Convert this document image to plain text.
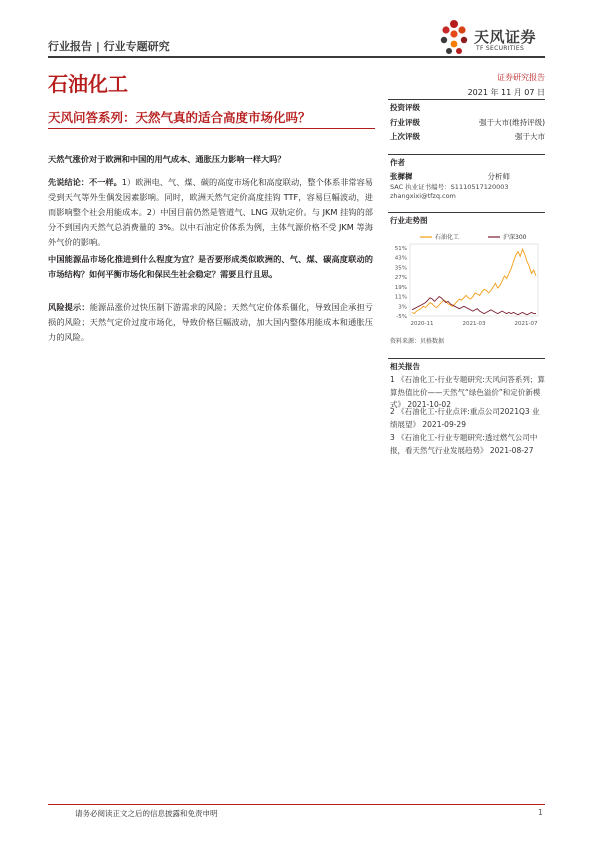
行业报告 | 行业专题研究
天风证券
TF SECURITIES
石油化工	证券研究报告
2021 年 11 月 07 日
天风问答系列：天然气真的适合高度市场化吗？
天然气涨价对于欧洲和中国的用气成本、通胀压力影响一样大吗？
先说结论：不一样。1）欧洲电、气、煤、碳的高度市场化和高度联动，整个体系非常容易受到天气等外生偶发因素影响。同时，欧洲天然气定价高度挂钩 TTF，容易巨幅波动，进而影响整个社会用能成本。2）中国目前仍然是管道气、LNG 双轨定价。与 JKM 挂钩的部分不到国内天然气总消费量的 3%。以中石油定价体系为例，主体气源价格不受 JKM 等海外气价的影响。
中国能源品市场化推进到什么程度为宜？是否要形成类似欧洲的、气、煤、碳高度联动的市场结构？如何平衡市场化和保民生社会稳定？需要且行且思。
风险提示：能源品涨价过快压制下游需求的风险；天然气定价体系僵化，导致国企承担亏损的风险；天然气定价过度市场化，导致价格巨幅波动，加大国内整体用能成本和通胀压力的风险。
投资评级
行业评级	强于大市(维持评级)
上次评级	强于大市
作者
张樨樨	分析师
SAC 执业证书编号：S1110517120003
zhangxixi@tfzq.com
行业走势图
51%
43%
35%
27%
19%
11%
3%
-5%
2020-11	2021-03	2021-07
石油化工	沪深300
资料来源：贝格数据
相关报告
1 《石油化工-行业专题研究:天风问答系列；算算热值比价——天然气“绿色溢价”和定价新模式》 2021-10-02
2 《石油化工-行业点评:重点公司2021Q3 业绩展望》 2021-09-29
3 《石油化工-行业专题研究:透过燃气公司中报，看天然气行业发展趋势》 2021-08-27
请务必阅读正文之后的信息披露和免责申明	1
